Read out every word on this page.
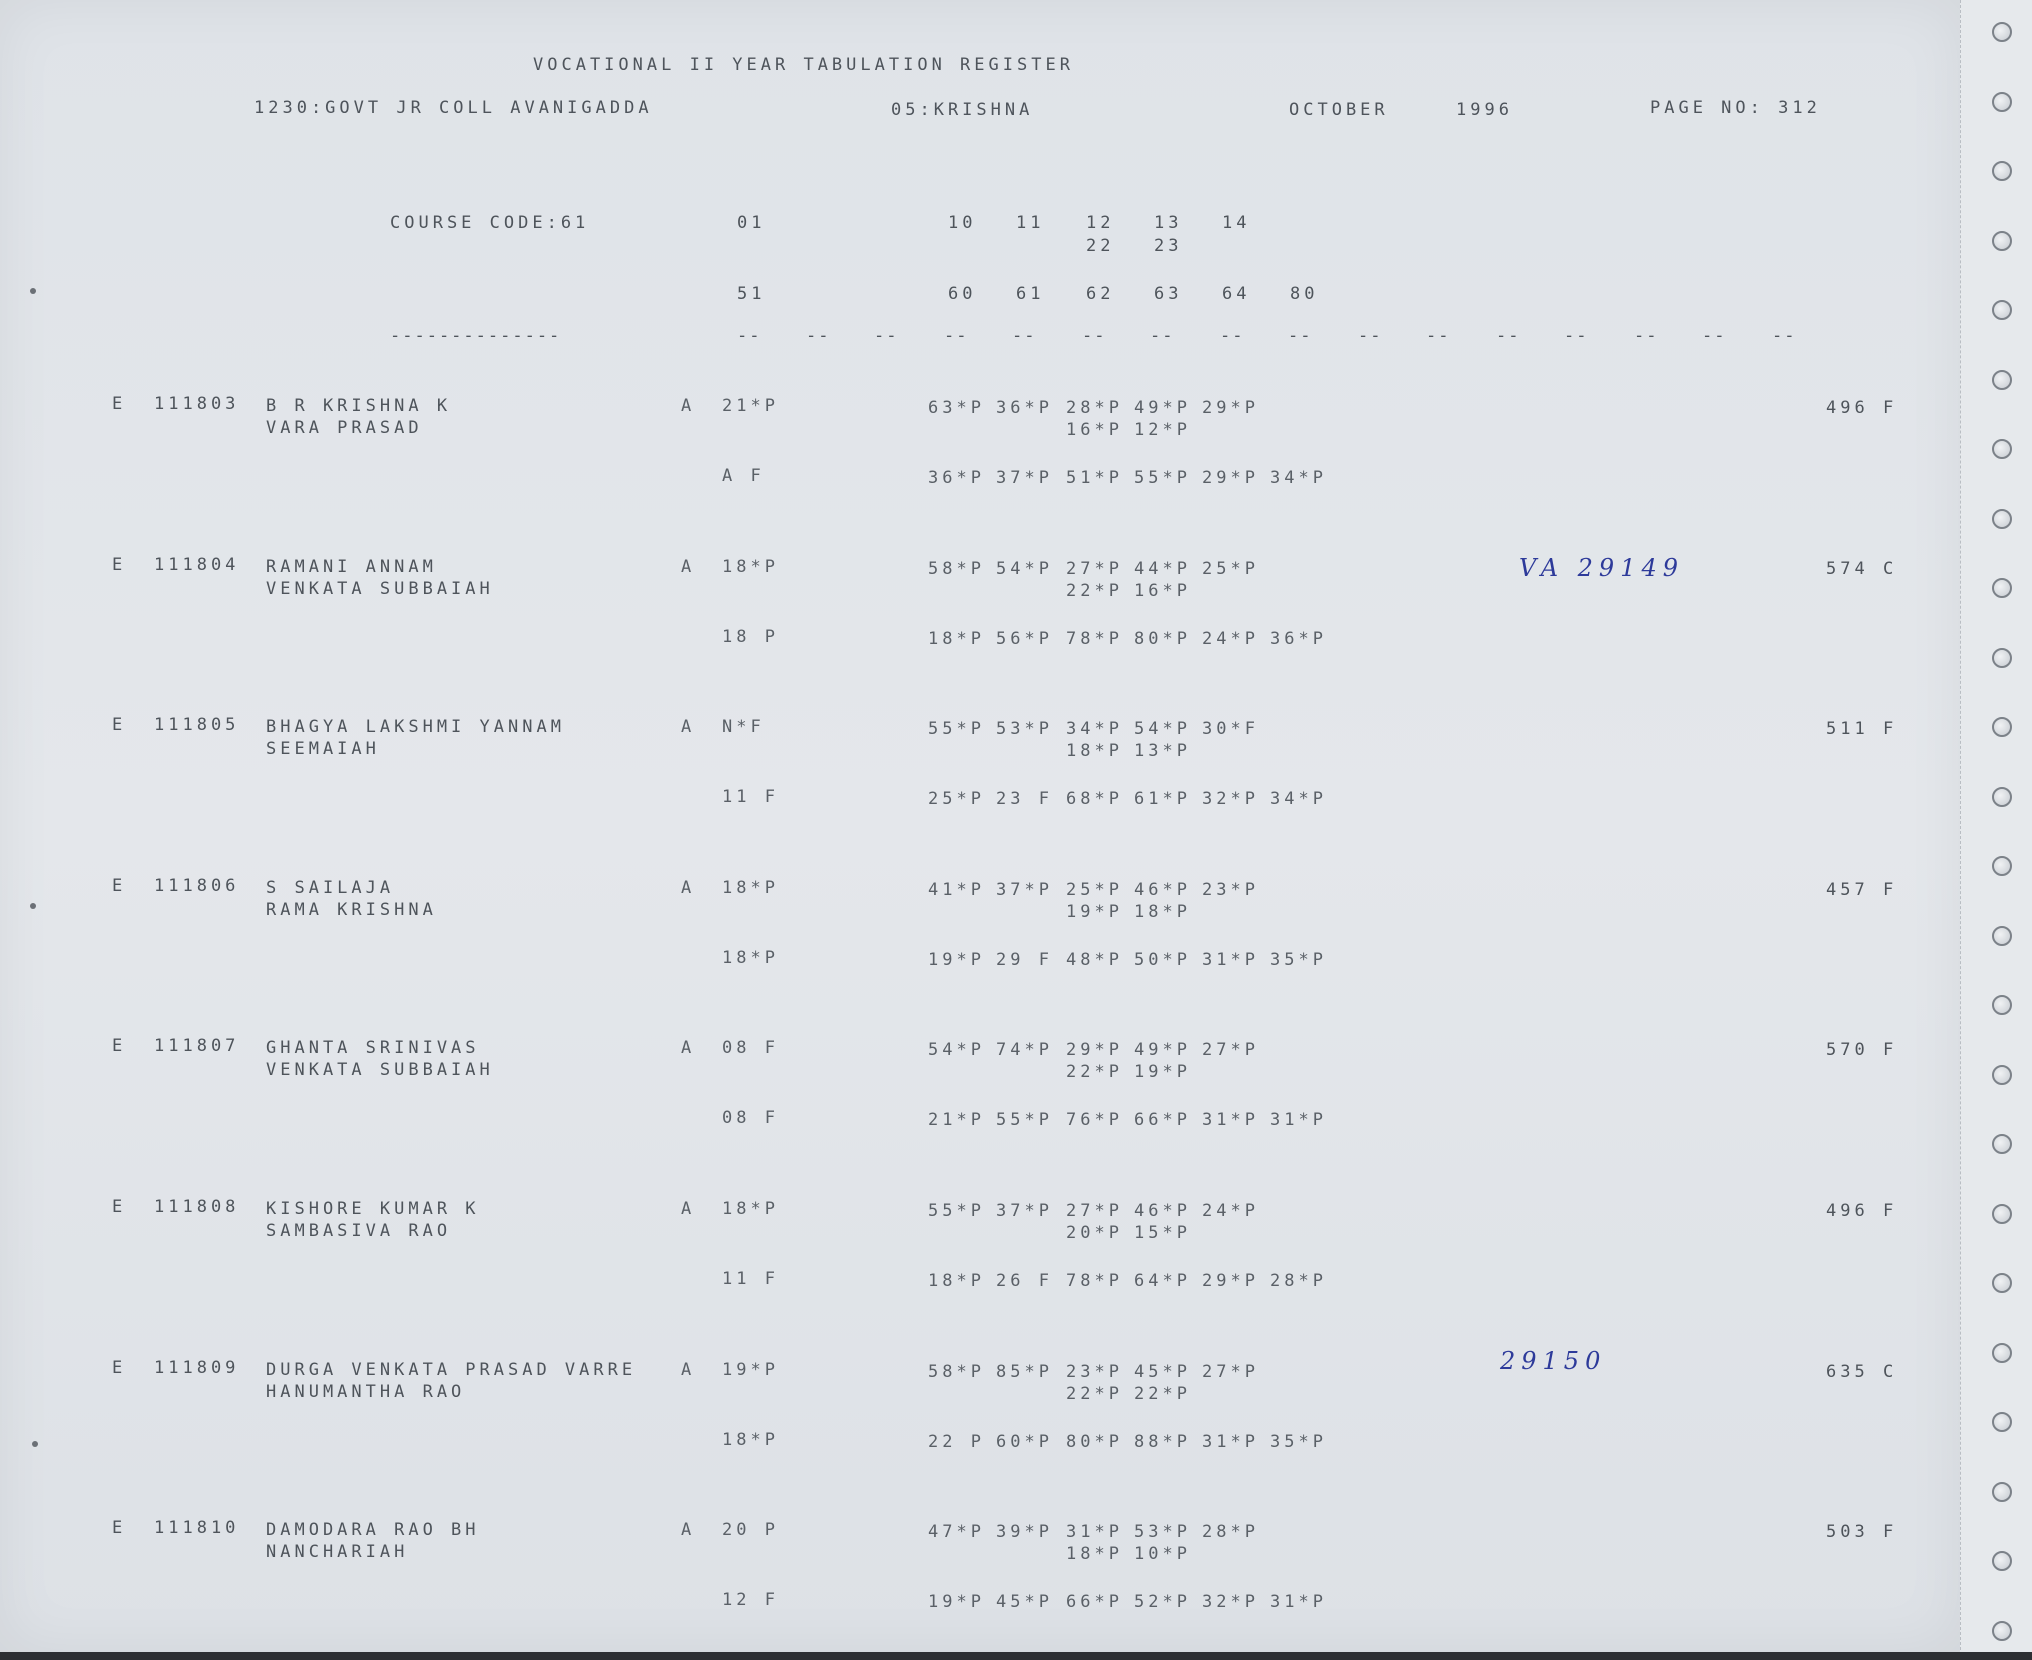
VOCATIONAL II YEAR TABULATION REGISTER
1230:GOVT JR COLL AVANIGADDA	05:KRISHNA	OCTOBER	1996	PAGE NO: 312
COURSE CODE:61	01
51
10 11 12 13 14
22 23
60 61 62 63 64 80
--------------	--	--	--	--	--	--	--	--	--	--	--	--	--	--	--	--
E 111803 B R KRISHNA K
VARA PRASAD
A 21*P	63*P 36*P 28*P 49*P 29*P
16*P 12*P
A F	36*P 37*P 51*P 55*P 29*P 34*P
496 F
E 111804 RAMANI ANNAM
VENKATA SUBBAIAH
A 18*P	58*P 54*P 27*P 44*P 25*P
22*P 16*P
18 P	18*P 56*P 78*P 80*P 24*P 36*P
574 C
E 111805 BHAGYA LAKSHMI YANNAM
SEEMAIAH
A N*F	55*P 53*P 34*P 54*P 30*F
18*P 13*P
11 F	25*P 23 F 68*P 61*P 32*P 34*P
511 F
E 111806 S SAILAJA
RAMA KRISHNA
A 18*P	41*P 37*P 25*P 46*P 23*P
19*P 18*P
18*P	19*P 29 F 48*P 50*P 31*P 35*P
457 F
E 111807 GHANTA SRINIVAS
VENKATA SUBBAIAH
A 08 F	54*P 74*P 29*P 49*P 27*P
22*P 19*P
08 F	21*P 55*P 76*P 66*P 31*P 31*P
570 F
E 111808 KISHORE KUMAR K
SAMBASIVA RAO
A 18*P	55*P 37*P 27*P 46*P 24*P
20*P 15*P
11 F	18*P 26 F 78*P 64*P 29*P 28*P
496 F
E 111809 DURGA VENKATA PRASAD VARRE
HANUMANTHA RAO
A 19*P	58*P 85*P 23*P 45*P 27*P
22*P 22*P
18*P	22 P 60*P 80*P 88*P 31*P 35*P
635 C
E 111810 DAMODARA RAO BH
NANCHARIAH
A 20 P	47*P 39*P 31*P 53*P 28*P
18*P 10*P
12 F	19*P 45*P 66*P 52*P 32*P 31*P
503 F
VA 29149
29150
